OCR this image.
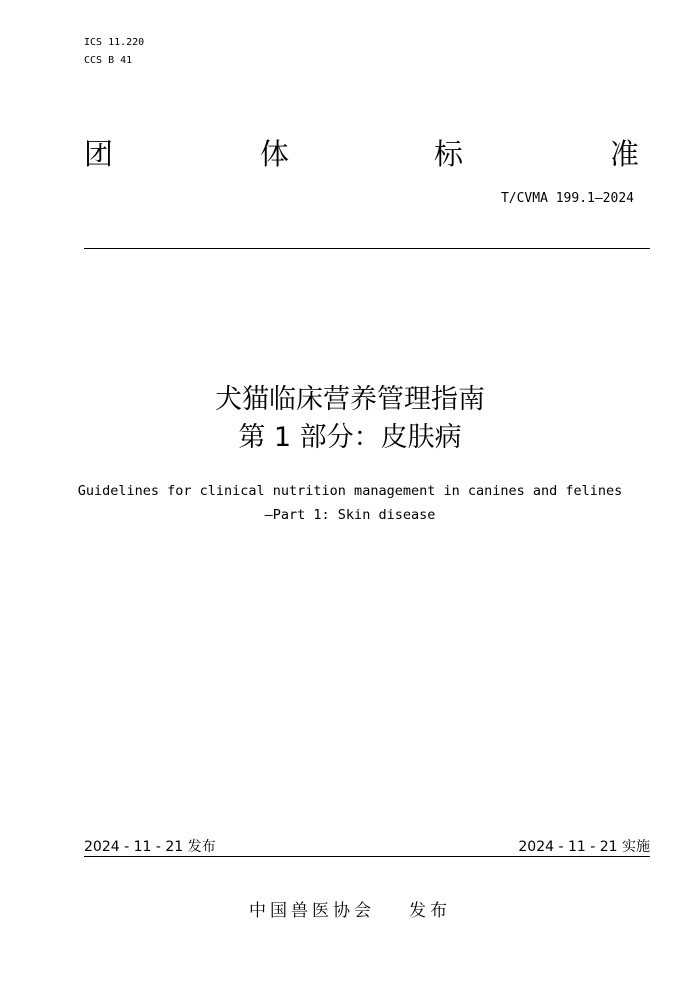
ICS 11.220
CCS B 41
团	体	标	准
T/CVMA 199.1—2024
犬猫临床营养管理指南
第 1 部分：皮肤病
Guidelines for clinical nutrition management in canines and felines
—Part 1: Skin disease
2024 - 11 - 21 发布	2024 - 11 - 21 实施
中国兽医协会 发布
